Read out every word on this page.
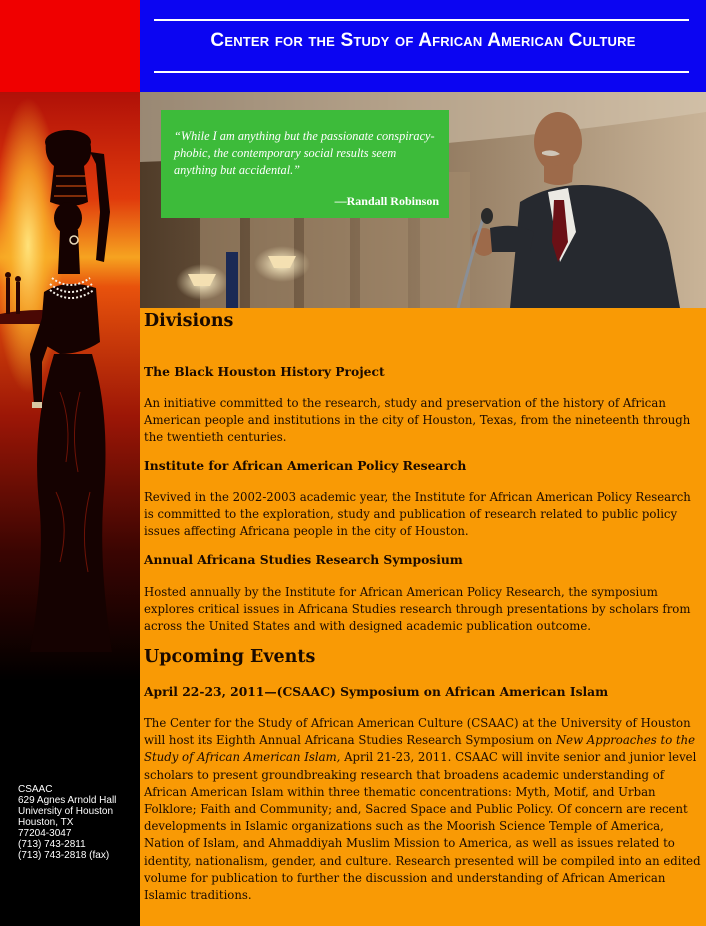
CSAAC
629 Agnes Arnold Hall
University of Houston
Houston, TX
77204-3047
(713) 743-2811
(713) 743-2818 (fax)
Center for the Study of African American Culture
“While I am anything but the passionate conspiracy-phobic, the contemporary social results seem anything but accidental.”
—Randall Robinson
Divisions
The Black Houston History Project

An initiative committed to the research, study and preservation of the history of African American people and institutions in the city of Houston, Texas, from the nineteenth through the twentieth centuries.

Institute for African American Policy Research

Revived in the 2002-2003 academic year, the Institute for African American Policy Research is committed to the exploration, study and publication of research related to public policy issues affecting Africana people in the city of Houston.

Annual Africana Studies Research Symposium

Hosted annually by the Institute for African American Policy Research, the symposium explores critical issues in Africana Studies research through presentations by scholars from across the United States and with designed academic publication outcome.

Upcoming Events
April 22-23, 2011—(CSAAC) Symposium on African American Islam

The Center for the Study of African American Culture (CSAAC) at the University of Houston will host its Eighth Annual Africana Studies Research Symposium on New Approaches to the Study of African American Islam, April 21-23, 2011. CSAAC will invite senior and junior level scholars to present groundbreaking research that broadens academic understanding of African American Islam within three thematic concentrations: Myth, Motif, and Urban Folklore; Faith and Community; and, Sacred Space and Public Policy. Of concern are recent developments in Islamic organizations such as the Moorish Science Temple of America, Nation of Islam, and Ahmaddiyah Muslim Mission to America, as well as issues related to identity, nationalism, gender, and culture. Research presented will be compiled into an edited volume for publication to further the discussion and understanding of African American Islamic traditions.
